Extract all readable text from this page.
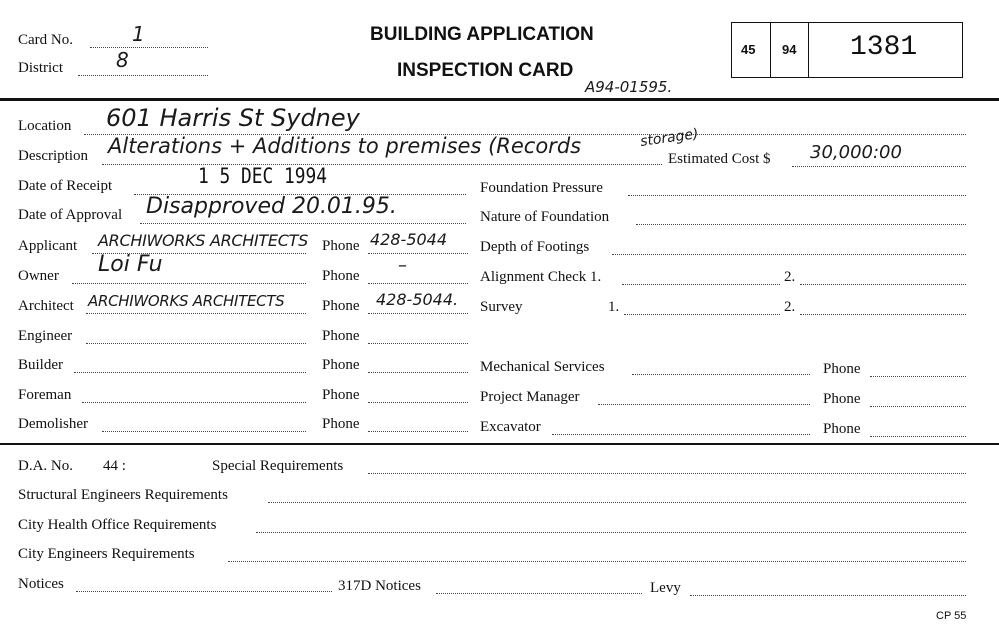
Card No.	1
District	8
BUILDING APPLICATION
INSPECTION CARD
A94-01595.
45 94 1381
Location 601 Harris St Sydney
Description Alterations + Additions to premises (Records	storage)
Estimated Cost $ 30,000:00
Date of Receipt	1 5 DEC 1994
Date of Approval Disapproved 20.01.95.
Applicant ARCHIWORKS ARCHITECTS Phone 428-5044
Owner Loi Fu	Phone –
Architect ARCHIWORKS ARCHITECTS	Phone 428-5044.
Engineer	Phone
Builder	Phone
Foreman	Phone
Demolisher	Phone
Foundation Pressure
Nature of Foundation
Depth of Footings
Alignment Check 1.	2.
Survey	1.	2.
Mechanical Services	Phone
Project Manager	Phone
Excavator	Phone
D.A. No. 44 :	Special Requirements
Structural Engineers Requirements
City Health Office Requirements
City Engineers Requirements
Notices	317D Notices	Levy
CP 55
